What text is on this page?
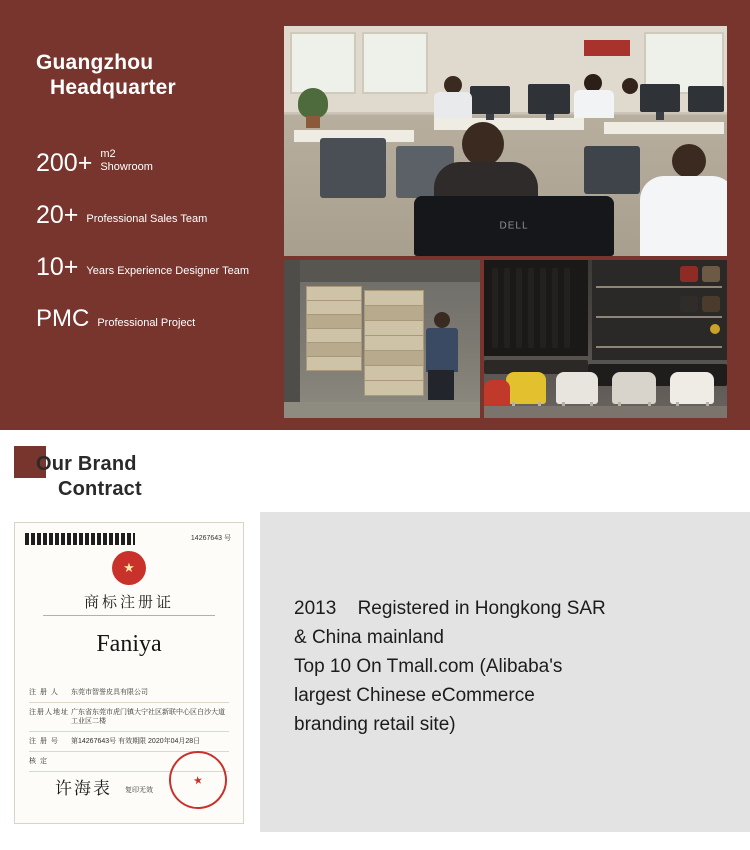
Guangzhou
Headquarter
200+ m2
Showroom
20+ Professional Sales Team
10+ Years Experience Designer Team
PMC Professional Project
DELL
Our Brand
Contract
14267643 号
★
商标注册证
Faniya
注 册 人	东莞市智誉皮具有限公司
注册人地址 广东省东莞市虎门镇大宁社区新联中心区白沙大道工业区二楼
注 册 号	第14267643号 有效期限 2020年04月28日
核 定
许海表 复印无效
★
2013 Registered in Hongkong SAR
& China mainland
Top 10 On Tmall.com (Alibaba's
largest Chinese eCommerce
branding retail site)
